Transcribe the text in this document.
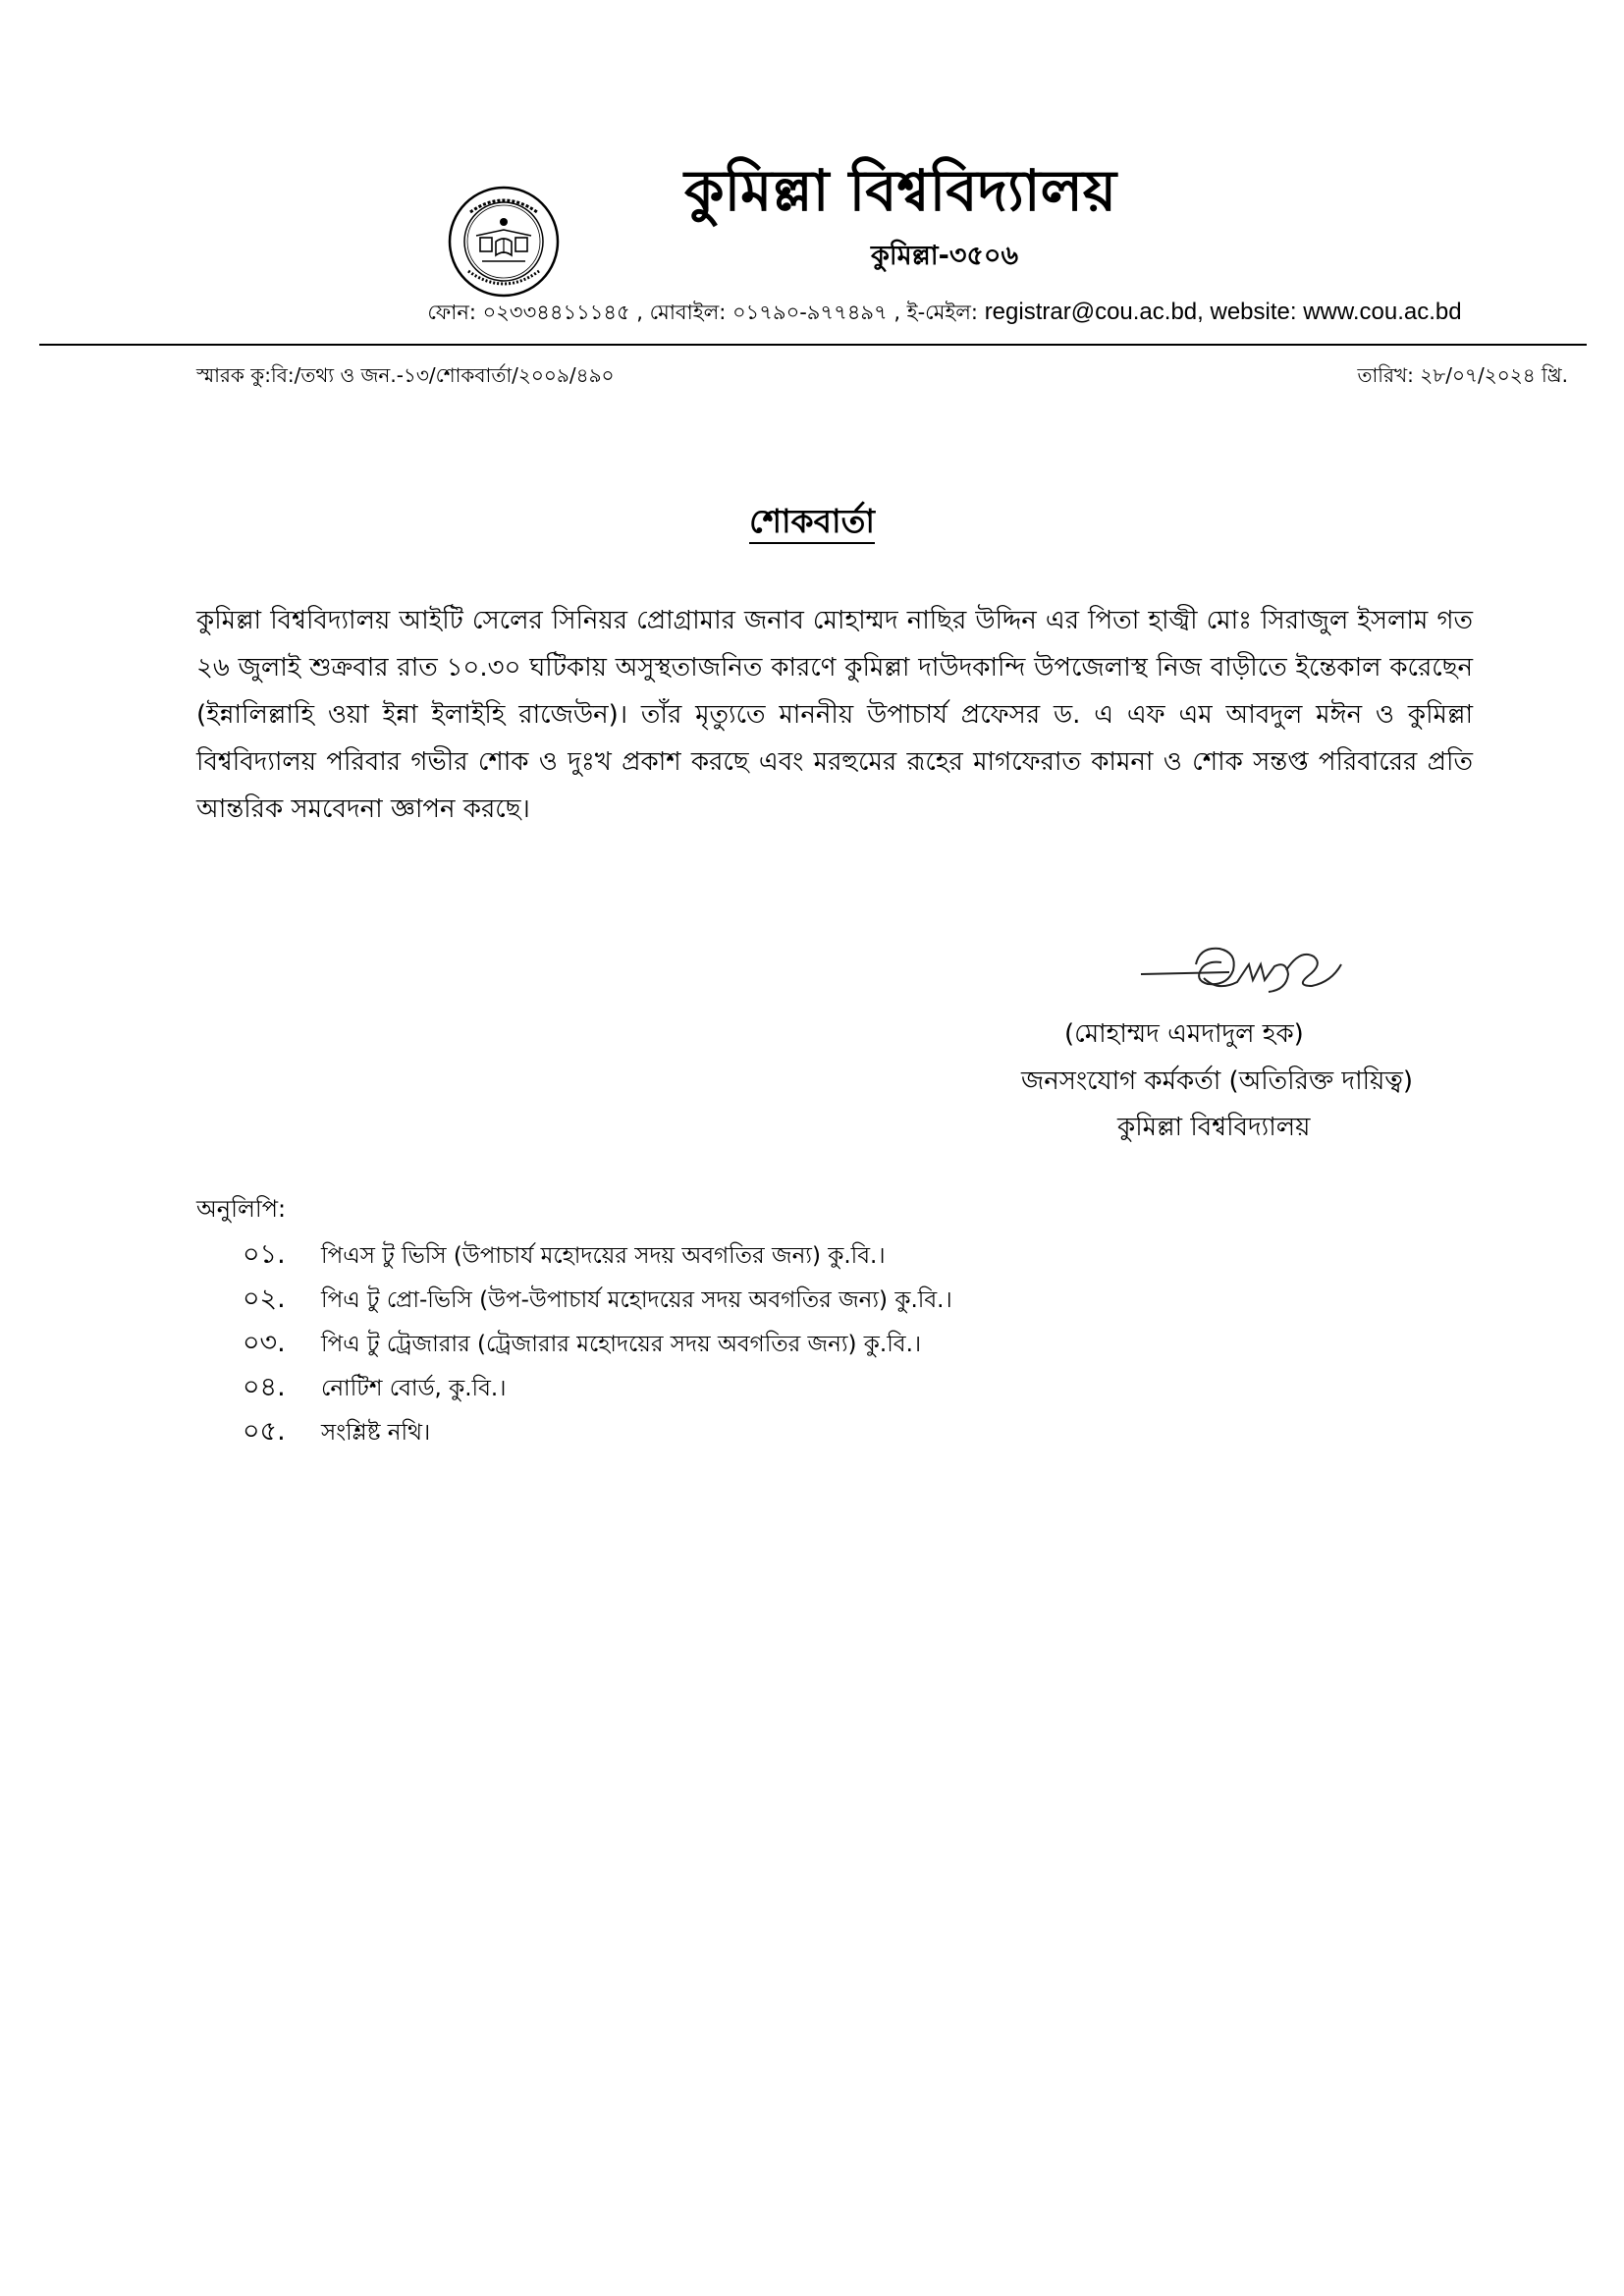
কুমিল্লা বিশ্ববিদ্যালয়
কুমিল্লা-৩৫০৬
ফোন: ০২৩৩৪৪১১১৪৫ , মোবাইল: ০১৭৯০-৯৭৭৪৯৭ , ই-মেইল: registrar@cou.ac.bd, website: www.cou.ac.bd
স্মারক কু:বি:/তথ্য ও জন.-১৩/শোকবার্তা/২০০৯/৪৯০	তারিখ: ২৮/০৭/২০২৪ খ্রি.
শোকবার্তা
কুমিল্লা বিশ্ববিদ্যালয় আইটি সেলের সিনিয়র প্রোগ্রামার জনাব মোহাম্মদ নাছির উদ্দিন এর পিতা হাজ্বী মোঃ সিরাজুল ইসলাম গত ২৬ জুলাই শুক্রবার রাত ১০.৩০ ঘটিকায় অসুস্থতাজনিত কারণে কুমিল্লা দাউদকান্দি উপজেলাস্থ নিজ বাড়ীতে ইন্তেকাল করেছেন (ইন্নালিল্লাহি ওয়া ইন্না ইলাইহি রাজেউন)। তাঁর মৃত্যুতে মাননীয় উপাচার্য প্রফেসর ড. এ এফ এম আবদুল মঈন ও কুমিল্লা বিশ্ববিদ্যালয় পরিবার গভীর শোক ও দুঃখ প্রকাশ করছে এবং মরহুমের রূহের মাগফেরাত কামনা ও শোক সন্তপ্ত পরিবারের প্রতি আন্তরিক সমবেদনা জ্ঞাপন করছে।
(মোহাম্মদ এমদাদুল হক)
জনসংযোগ কর্মকর্তা (অতিরিক্ত দায়িত্ব)
কুমিল্লা বিশ্ববিদ্যালয়
অনুলিপি:
০১. পিএস টু ভিসি (উপাচার্য মহোদয়ের সদয় অবগতির জন্য) কু.বি.।
০২. পিএ টু প্রো-ভিসি (উপ-উপাচার্য মহোদয়ের সদয় অবগতির জন্য) কু.বি.।
০৩. পিএ টু ট্রেজারার (ট্রেজারার মহোদয়ের সদয় অবগতির জন্য) কু.বি.।
০৪. নোটিশ বোর্ড, কু.বি.।
০৫. সংশ্লিষ্ট নথি।
